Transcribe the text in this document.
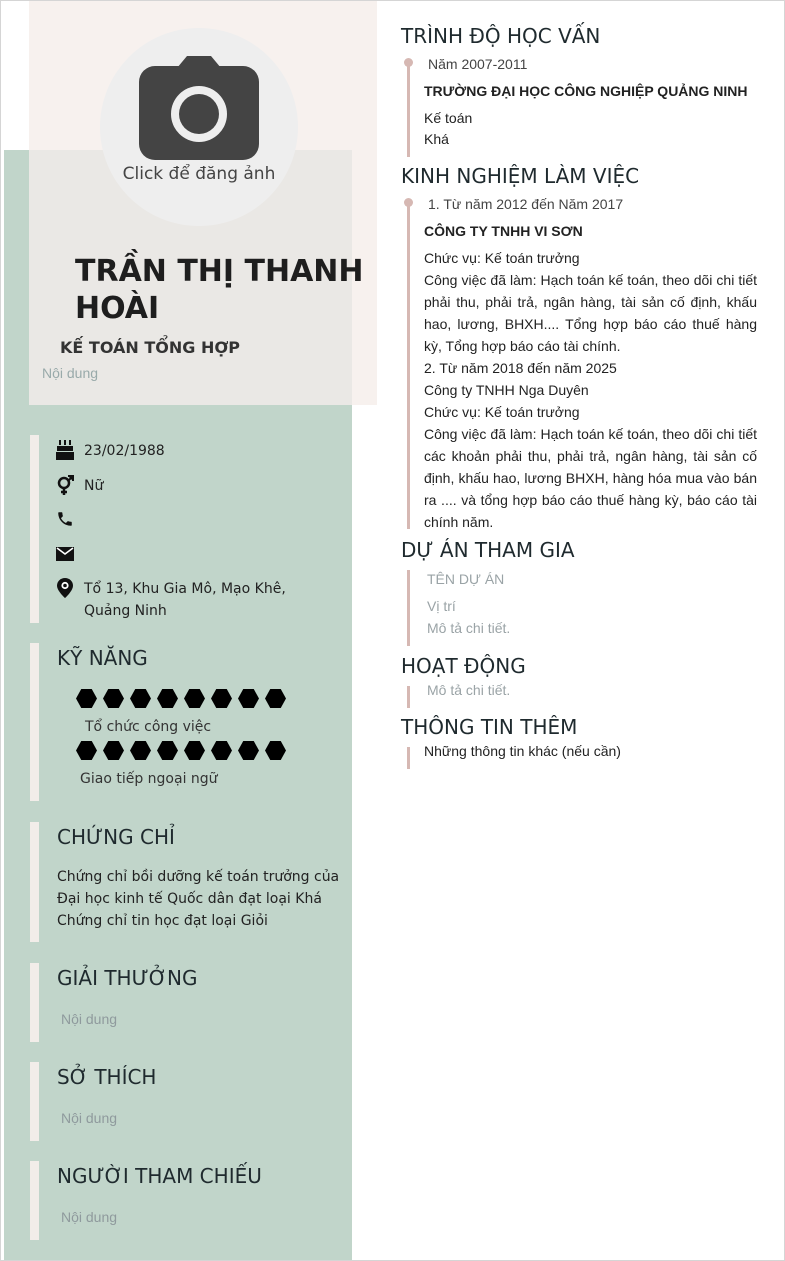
Click để đăng ảnh
TRẦN THỊ THANH HOÀI
KẾ TOÁN TỔNG HỢP
Nội dung
23/02/1988
Nữ
Tổ 13, Khu Gia Mô, Mạo Khê, Quảng Ninh
KỸ NĂNG
Tổ chức công việc
Giao tiếp ngoại ngữ
CHỨNG CHỈ
Chứng chỉ bồi dưỡng kế toán trưởng của Đại học kinh tế Quốc dân đạt loại Khá
Chứng chỉ tin học đạt loại Giỏi
GIẢI THƯỞNG
Nội dung
SỞ THÍCH
Nội dung
NGƯỜI THAM CHIẾU
Nội dung
TRÌNH ĐỘ HỌC VẤN
Năm 2007-2011
TRƯỜNG ĐẠI HỌC CÔNG NGHIỆP QUẢNG NINH
Kế toán
Khá
KINH NGHIỆM LÀM VIỆC
1. Từ năm 2012 đến Năm 2017
CÔNG TY TNHH VI SƠN
Chức vụ: Kế toán trưởng
Công việc đã làm: Hạch toán kế toán, theo dõi chi tiết phải thu, phải trả, ngân hàng, tài sản cố định, khấu hao, lương, BHXH.... Tổng hợp báo cáo thuế hàng kỳ, Tổng hợp báo cáo tài chính.
2. Từ năm 2018 đến năm 2025
Công ty TNHH Nga Duyên
Chức vụ: Kế toán trưởng
Công việc đã làm: Hạch toán kế toán, theo dõi chi tiết các khoản phải thu, phải trả, ngân hàng, tài sản cố định, khấu hao, lương BHXH, hàng hóa mua vào bán ra .... và tổng hợp báo cáo thuế hàng kỳ, báo cáo tài chính năm.
DỰ ÁN THAM GIA
TÊN DỰ ÁN
Vị trí
Mô tả chi tiết.
HOẠT ĐỘNG
Mô tả chi tiết.
THÔNG TIN THÊM
Những thông tin khác (nếu cần)
